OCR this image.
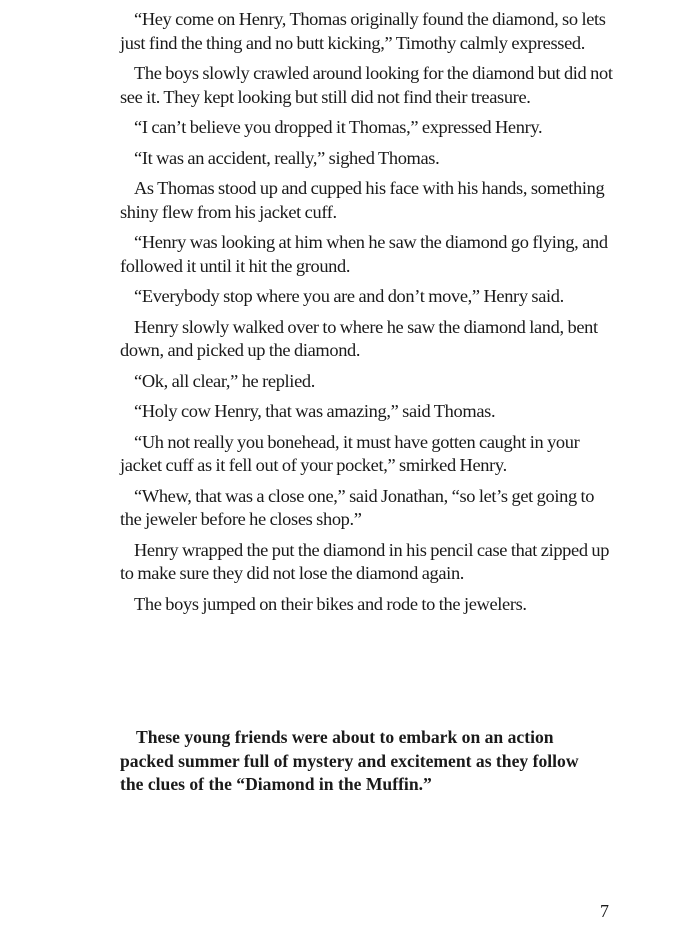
“Hey come on Henry, Thomas originally found the diamond, so lets just find the thing and no butt kicking,” Timothy calmly expressed.

The boys slowly crawled around looking for the diamond but did not see it. They kept looking but still did not find their treasure.

“I can’t believe you dropped it Thomas,” expressed Henry.

“It was an accident, really,” sighed Thomas.

As Thomas stood up and cupped his face with his hands, something shiny flew from his jacket cuff.

“Henry was looking at him when he saw the diamond go flying, and followed it until it hit the ground.

“Everybody stop where you are and don’t move,” Henry said.

Henry slowly walked over to where he saw the diamond land, bent down, and picked up the diamond.

“Ok, all clear,” he replied.

“Holy cow Henry, that was amazing,” said Thomas.

“Uh not really you bonehead, it must have gotten caught in your jacket cuff as it fell out of your pocket,” smirked Henry.

“Whew, that was a close one,” said Jonathan, “so let’s get going to the jeweler before he closes shop.”

Henry wrapped the put the diamond in his pencil case that zipped up to make sure they did not lose the diamond again.

The boys jumped on their bikes and rode to the jewelers.

These young friends were about to embark on an action packed summer full of mystery and excitement as they follow the clues of the “Diamond in the Muffin.”

7
